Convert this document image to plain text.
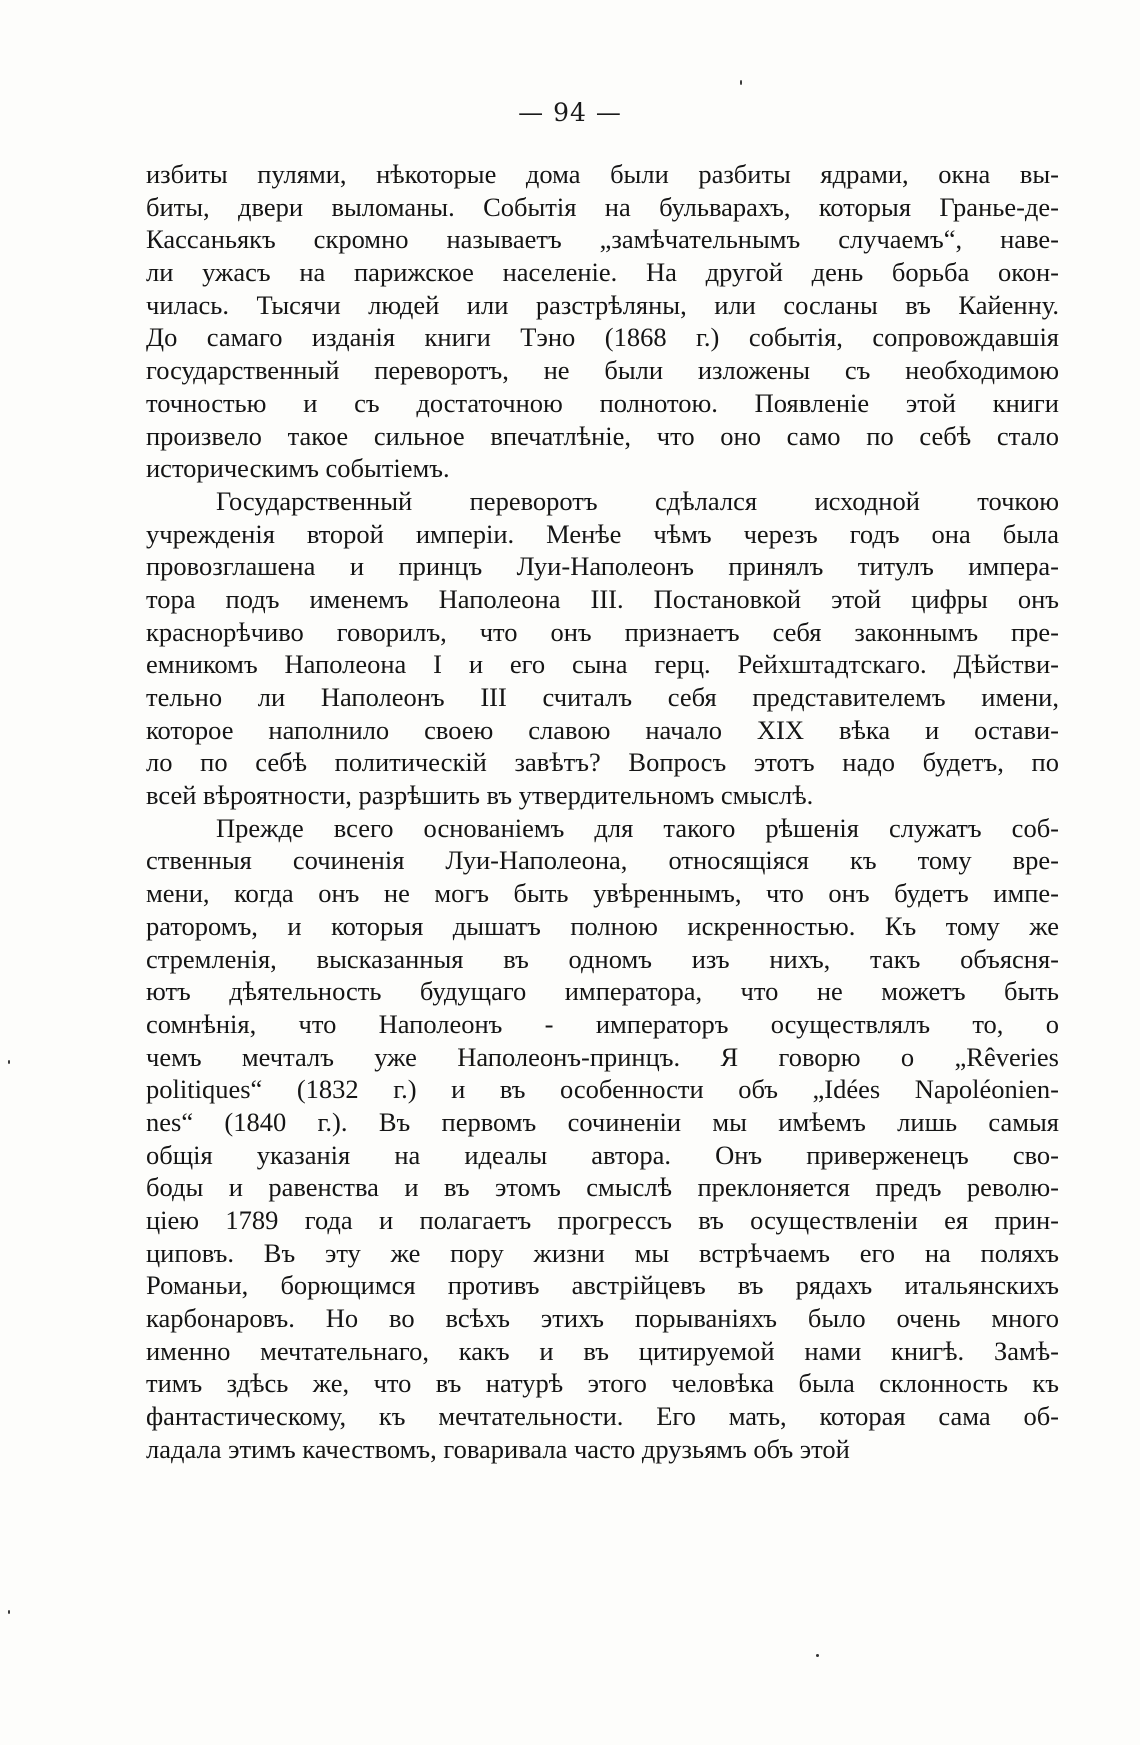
— 94 —
избиты пулями, нѣкоторые дома были разбиты ядрами, окна вы-
биты, двери выломаны. Событія на бульварахъ, которыя Гранье-де-
Кассаньякъ скромно называетъ „замѣчательнымъ случаемъ“, наве-
ли ужасъ на парижское населеніе. На другой день борьба окон-
чилась. Тысячи людей или разстрѣляны, или сосланы въ Кайенну.
До самаго изданія книги Тэно (1868 г.) событія, сопровождавшія
государственный переворотъ, не были изложены съ необходимою
точностью и съ достаточною полнотою. Появленіе этой книги
произвело такое сильное впечатлѣніе, что оно само по себѣ стало
историческимъ событіемъ.
Государственный переворотъ сдѣлался исходной точкою
учрежденія второй имперіи. Менѣе чѣмъ черезъ годъ она была
провозглашена и принцъ Луи-Наполеонъ принялъ титулъ импера-
тора подъ именемъ Наполеона III. Постановкой этой цифры онъ
краснорѣчиво говорилъ, что онъ признаетъ себя законнымъ пре-
емникомъ Наполеона I и его сына герц. Рейхштадтскаго. Дѣйстви-
тельно ли Наполеонъ III считалъ себя представителемъ имени,
которое наполнило своею славою начало XIX вѣка и остави-
ло по себѣ политическій завѣтъ? Вопросъ этотъ надо будетъ, по
всей вѣроятности, разрѣшить въ утвердительномъ смыслѣ.
Прежде всего основаніемъ для такого рѣшенія служатъ соб-
ственныя сочиненія Луи-Наполеона, относящіяся къ тому вре-
мени, когда онъ не могъ быть увѣреннымъ, что онъ будетъ импе-
раторомъ, и которыя дышатъ полною искренностью. Къ тому же
стремленія, высказанныя въ одномъ изъ нихъ, такъ объясня-
ютъ дѣятельность будущаго императора, что не можетъ быть
сомнѣнія, что Наполеонъ - императоръ осуществлялъ то, о
чемъ мечталъ уже Наполеонъ-принцъ. Я говорю о „Rêveries
politiques“ (1832 г.) и въ особенности объ „Idées Napoléonien-
nes“ (1840 г.). Въ первомъ сочиненіи мы имѣемъ лишь самыя
общія указанія на идеалы автора. Онъ приверженецъ сво-
боды и равенства и въ этомъ смыслѣ преклоняется предъ револю-
ціею 1789 года и полагаетъ прогрессъ въ осуществленіи ея прин-
циповъ. Въ эту же пору жизни мы встрѣчаемъ его на поляхъ
Романьи, борющимся противъ австрійцевъ въ рядахъ итальянскихъ
карбонаровъ. Но во всѣхъ этихъ порываніяхъ было очень много
именно мечтательнаго, какъ и въ цитируемой нами книгѣ. Замѣ-
тимъ здѣсь же, что въ натурѣ этого человѣка была склонность къ
фантастическому, къ мечтательности. Его мать, которая сама об-
ладала этимъ качествомъ, говаривала часто друзьямъ объ этой
